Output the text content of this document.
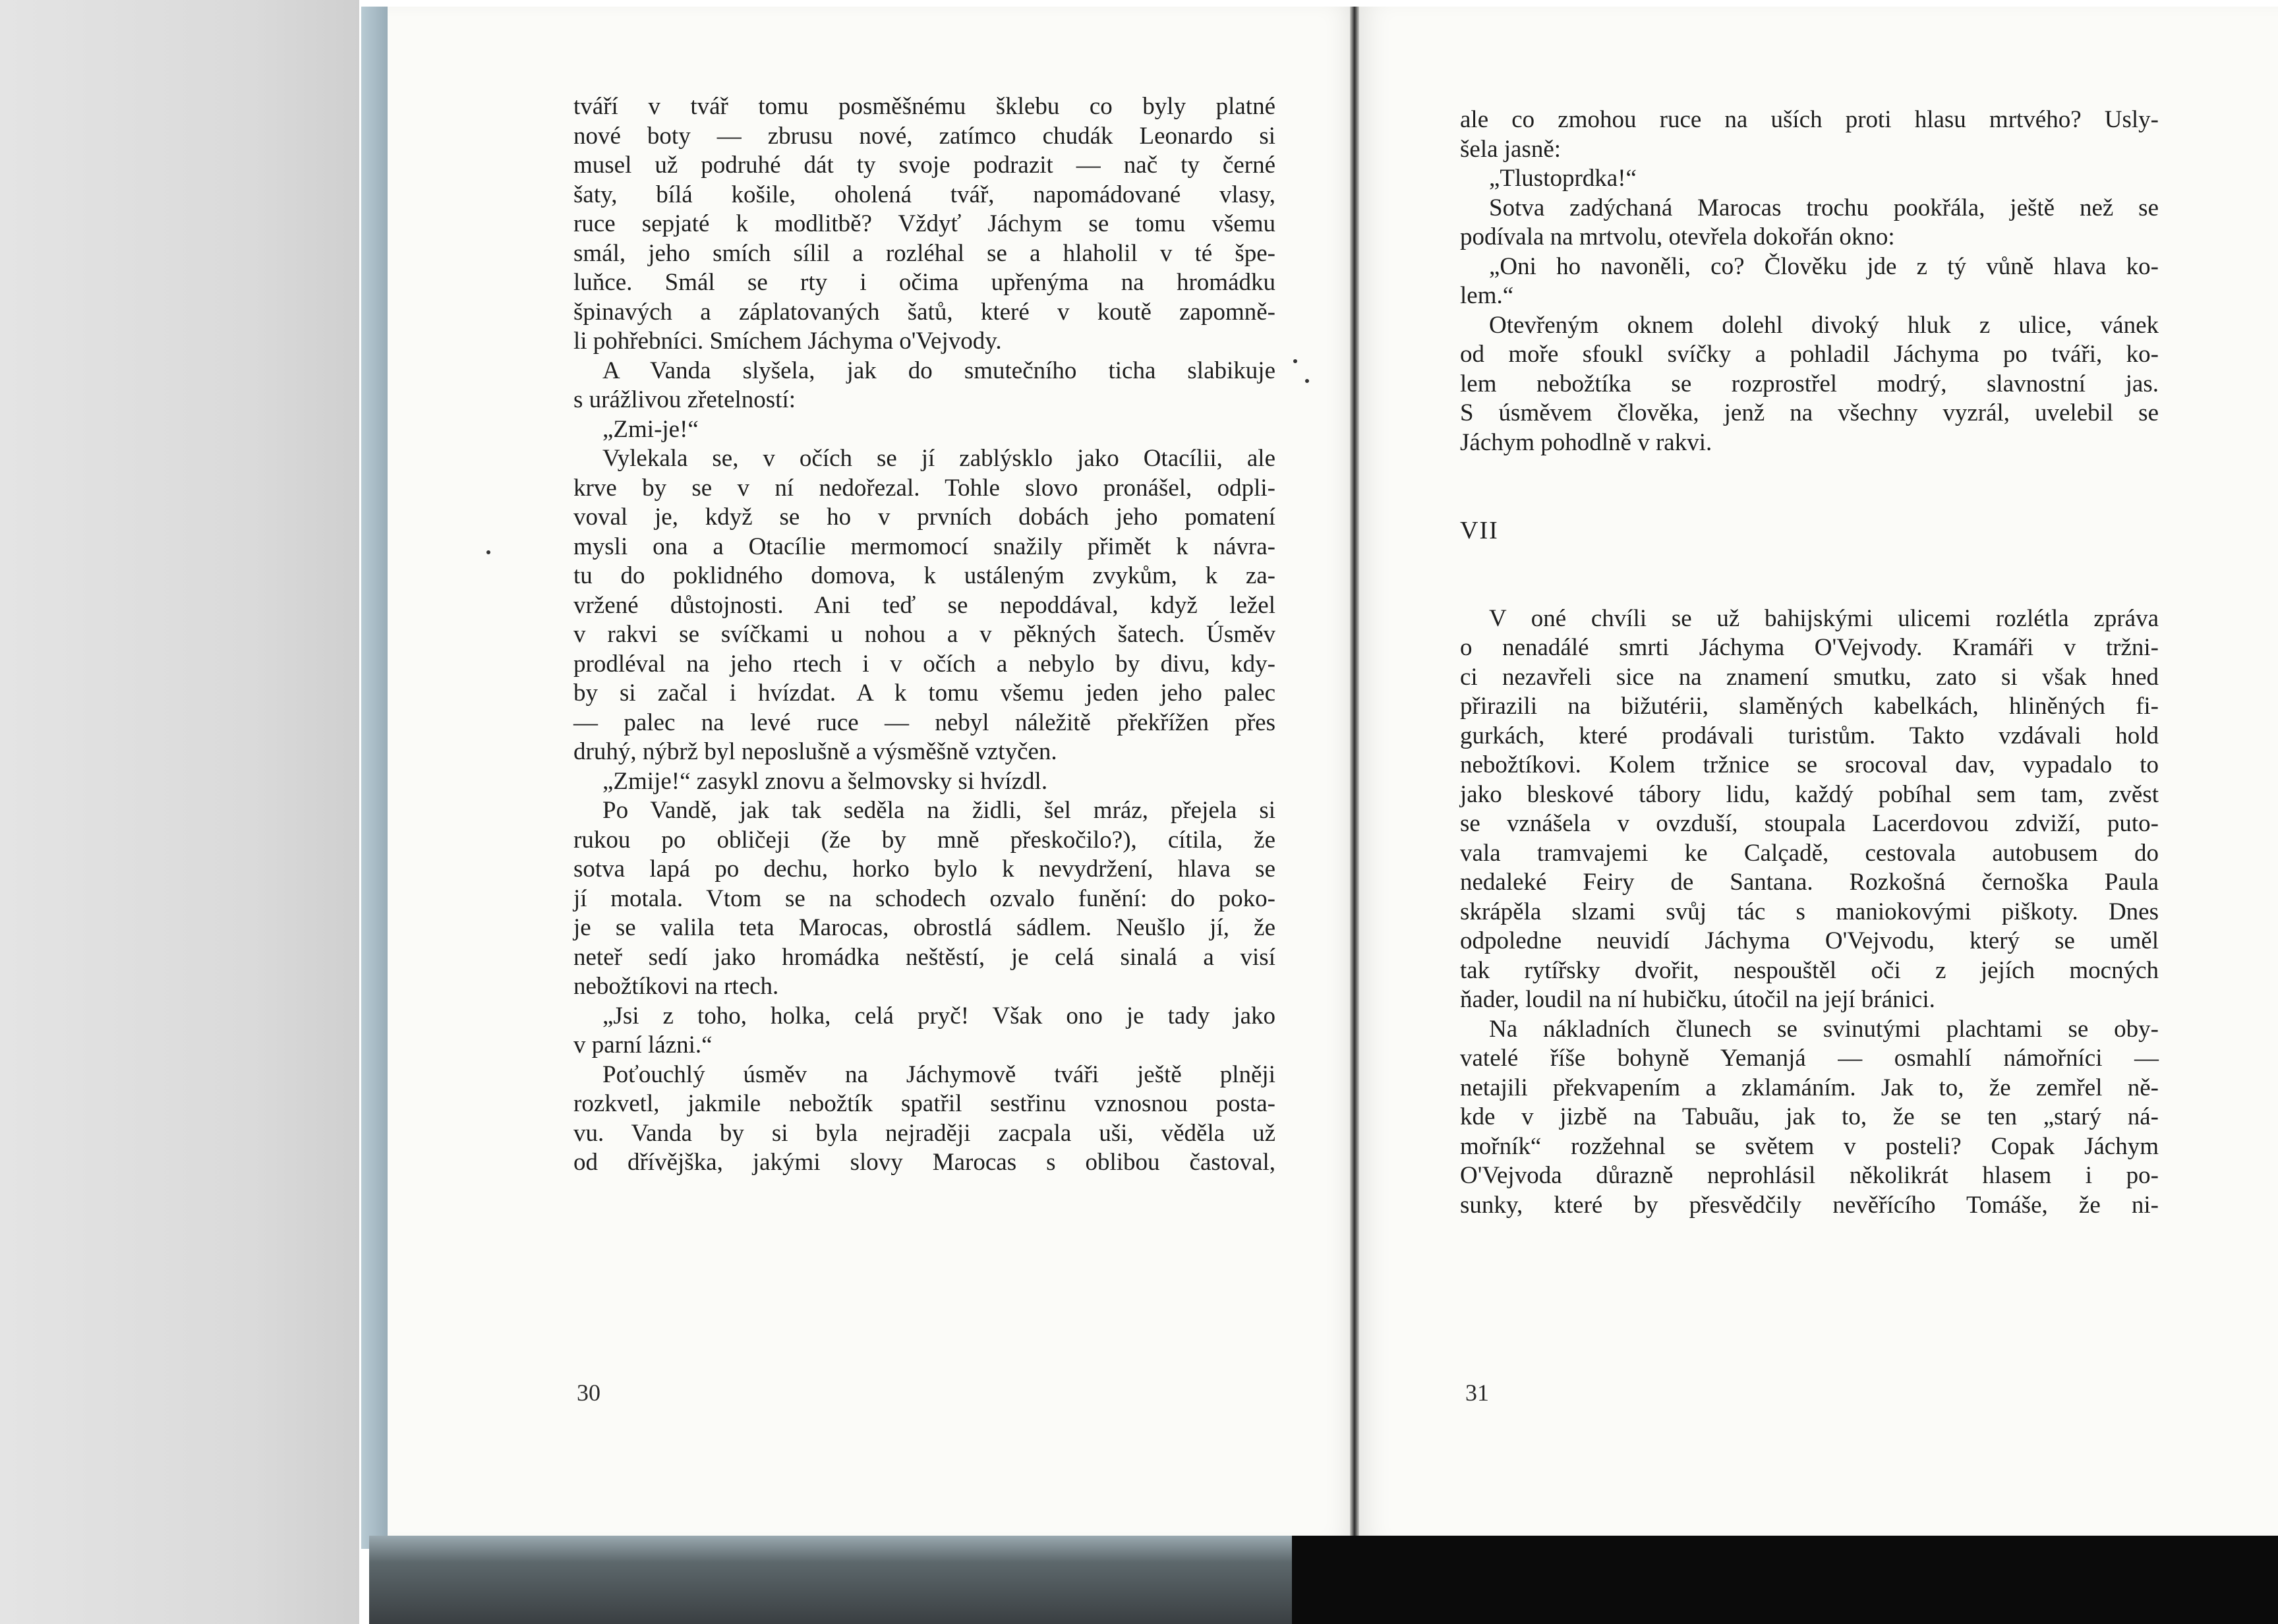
tváří v tvář tomu posměšnému šklebu co byly platné
nové boty — zbrusu nové, zatímco chudák Leonardo si
musel už podruhé dát ty svoje podrazit — nač ty černé
šaty, bílá košile, oholená tvář, napomádované vlasy,
ruce sepjaté k modlitbě? Vždyť Jáchym se tomu všemu
smál, jeho smích sílil a rozléhal se a hlaholil v té špe-
luňce. Smál se rty i očima upřenýma na hromádku
špinavých a záplatovaných šatů, které v koutě zapomně-
li pohřebníci. Smíchem Jáchyma o'Vejvody.
A Vanda slyšela, jak do smutečního ticha slabikuje
s urážlivou zřetelností:
„Zmi-je!“
Vylekala se, v očích se jí zablýsklo jako Otacílii, ale
krve by se v ní nedořezal. Tohle slovo pronášel, odpli-
voval je, když se ho v prvních dobách jeho pomatení
mysli ona a Otacílie mermomocí snažily přimět k návra-
tu do poklidného domova, k ustáleným zvykům, k za-
vržené důstojnosti. Ani teď se nepoddával, když ležel
v rakvi se svíčkami u nohou a v pěkných šatech. Úsměv
prodléval na jeho rtech i v očích a nebylo by divu, kdy-
by si začal i hvízdat. A k tomu všemu jeden jeho palec
— palec na levé ruce — nebyl náležitě překřížen přes
druhý, nýbrž byl neposlušně a výsměšně vztyčen.
„Zmije!“ zasykl znovu a šelmovsky si hvízdl.
Po Vandě, jak tak seděla na židli, šel mráz, přejela si
rukou po obličeji (že by mně přeskočilo?), cítila, že
sotva lapá po dechu, horko bylo k nevydržení, hlava se
jí motala. Vtom se na schodech ozvalo funění: do poko-
je se valila teta Marocas, obrostlá sádlem. Neušlo jí, že
neteř sedí jako hromádka neštěstí, je celá sinalá a visí
nebožtíkovi na rtech.
„Jsi z toho, holka, celá pryč! Však ono je tady jako
v parní lázni.“
Poťouchlý úsměv na Jáchymově tváři ještě plněji
rozkvetl, jakmile nebožtík spatřil sestřinu vznosnou posta-
vu. Vanda by si byla nejraději zacpala uši, věděla už
od dřívějška, jakými slovy Marocas s oblibou častoval,
30
ale co zmohou ruce na uších proti hlasu mrtvého? Usly-
šela jasně:
„Tlustoprdka!“
Sotva zadýchaná Marocas trochu pookřála, ještě než se
podívala na mrtvolu, otevřela dokořán okno:
„Oni ho navoněli, co? Člověku jde z tý vůně hlava ko-
lem.“
Otevřeným oknem dolehl divoký hluk z ulice, vánek
od moře sfoukl svíčky a pohladil Jáchyma po tváři, ko-
lem nebožtíka se rozprostřel modrý, slavnostní jas.
S úsměvem člověka, jenž na všechny vyzrál, uvelebil se
Jáchym pohodlně v rakvi.
VII
V oné chvíli se už bahijskými ulicemi rozlétla zpráva
o nenadálé smrti Jáchyma O'Vejvody. Kramáři v tržni-
ci nezavřeli sice na znamení smutku, zato si však hned
přirazili na bižutérii, slaměných kabelkách, hliněných fi-
gurkách, které prodávali turistům. Takto vzdávali hold
nebožtíkovi. Kolem tržnice se srocoval dav, vypadalo to
jako bleskové tábory lidu, každý pobíhal sem tam, zvěst
se vznášela v ovzduší, stoupala Lacerdovou zdviží, puto-
vala tramvajemi ke Calçadě, cestovala autobusem do
nedaleké Feiry de Santana. Rozkošná černoška Paula
skrápěla slzami svůj tác s maniokovými piškoty. Dnes
odpoledne neuvidí Jáchyma O'Vejvodu, který se uměl
tak rytířsky dvořit, nespouštěl oči z jejích mocných
ňader, loudil na ní hubičku, útočil na její bránici.
Na nákladních člunech se svinutými plachtami se oby-
vatelé říše bohyně Yemanjá — osmahlí námořníci —
netajili překvapením a zklamáním. Jak to, že zemřel ně-
kde v jizbě na Tabuãu, jak to, že se ten „starý ná-
mořník“ rozžehnal se světem v posteli? Copak Jáchym
O'Vejvoda důrazně neprohlásil několikrát hlasem i po-
sunky, které by přesvědčily nevěřícího Tomáše, že ni-
31
